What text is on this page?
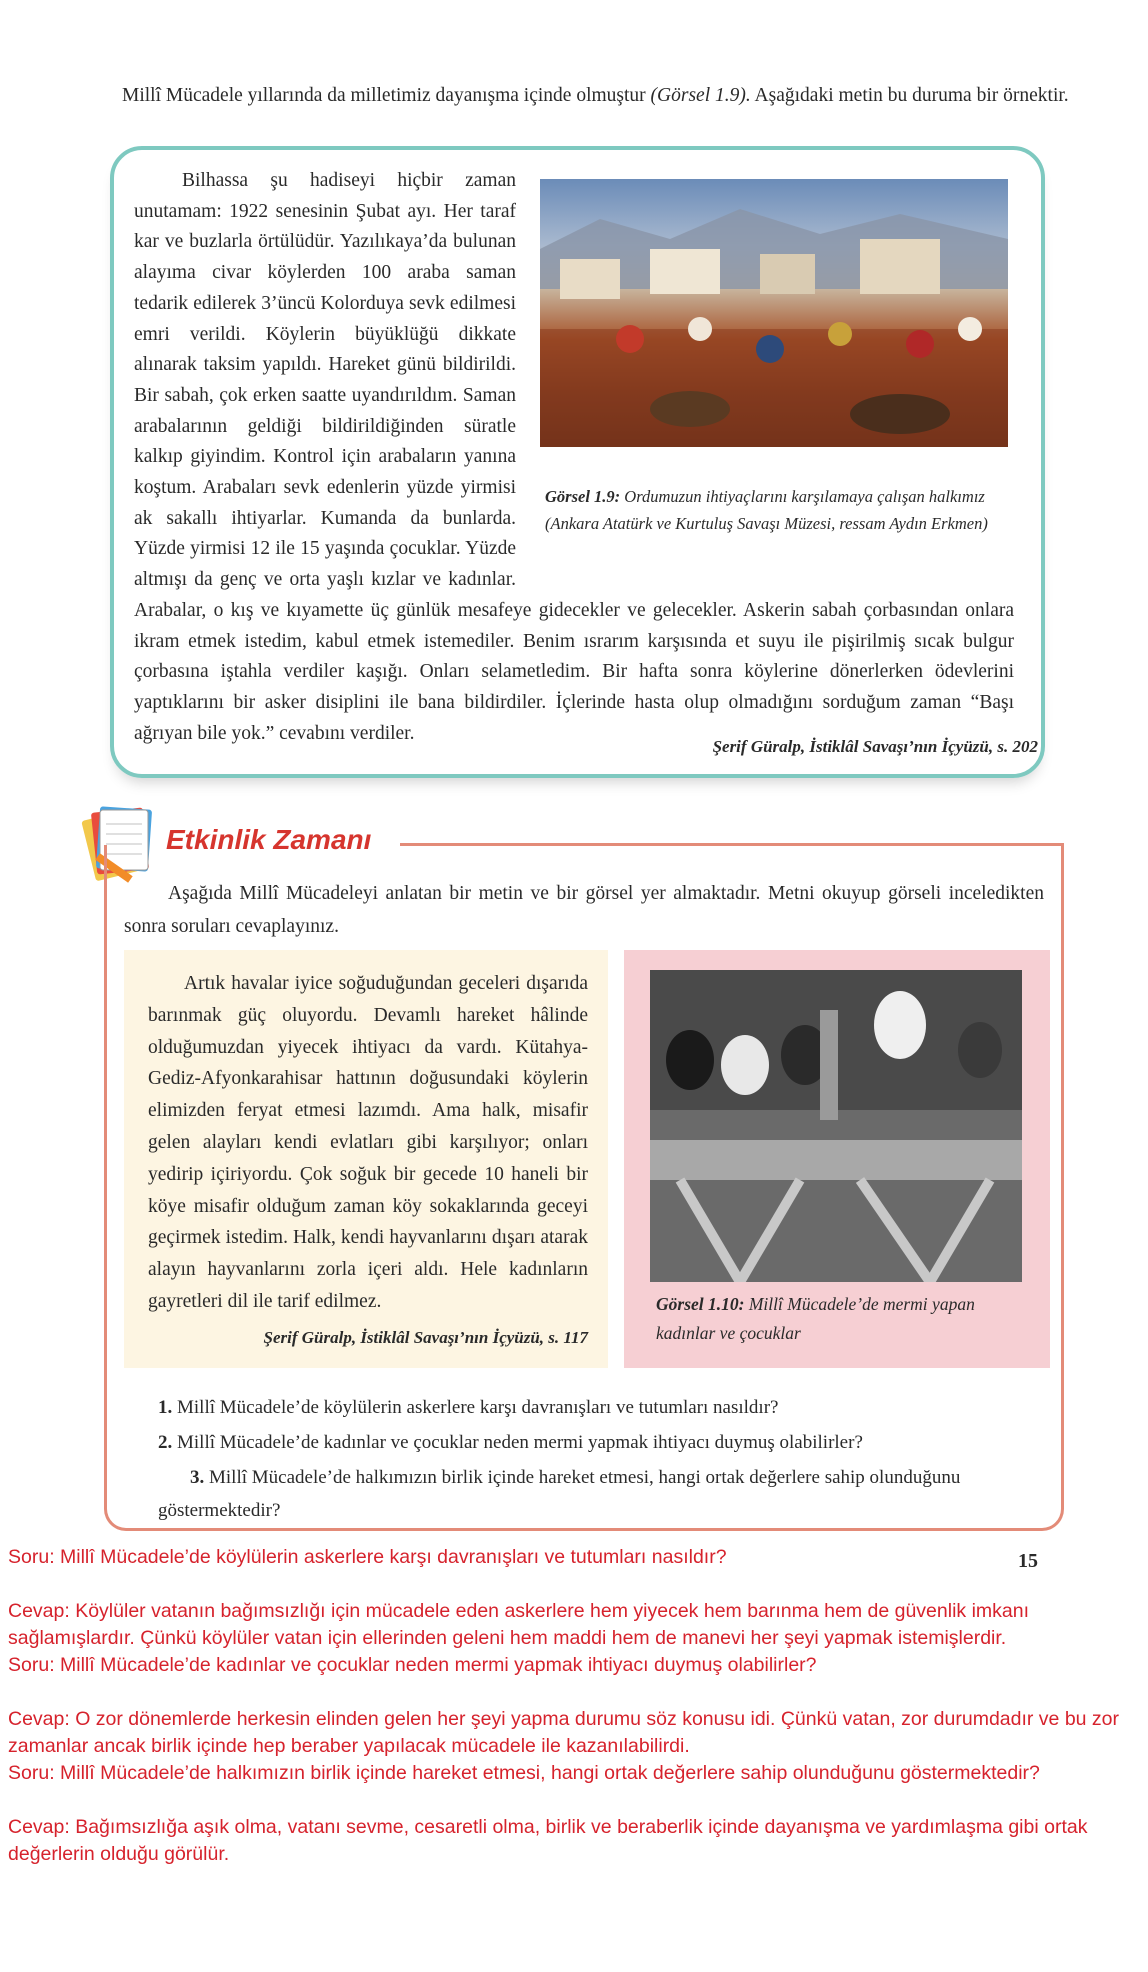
Millî Mücadele yıllarında da milletimiz dayanışma içinde olmuştur (Görsel 1.9). Aşağıdaki metin bu duruma bir örnektir.
Görsel 1.9: Ordumuzun ihtiyaçlarını karşılamaya çalışan halkımız (Ankara Atatürk ve Kurtuluş Savaşı Müzesi, ressam Aydın Erkmen)

Bilhassa şu hadiseyi hiçbir zaman unutamam: 1922 senesinin Şubat ayı. Her taraf kar ve buzlarla örtülüdür. Yazılıkaya’da bulunan alayıma civar köylerden 100 araba saman tedarik edilerek 3’üncü Kolorduya sevk edilmesi emri verildi. Köylerin büyüklüğü dikkate alınarak taksim yapıldı. Hareket günü bildirildi. Bir sabah, çok erken saatte uyandırıldım. Saman arabalarının geldiği bildirildiğinden süratle kalkıp giyindim. Kontrol için arabaların yanına koştum. Arabaları sevk edenlerin yüzde yirmisi ak sakallı ihtiyarlar. Kumanda da bunlarda. Yüzde yirmisi 12 ile 15 yaşında çocuklar. Yüzde altmışı da genç ve orta yaşlı kızlar ve kadınlar. Arabalar, o kış ve kıyamette üç günlük mesafeye gidecekler ve gelecekler. Askerin sabah çorbasından onlara ikram etmek istedim, kabul etmek istemediler. Benim ısrarım karşısında et suyu ile pişirilmiş sıcak bulgur çorbasına iştahla verdiler kaşığı. Onları selametledim. Bir hafta sonra köylerine dönerlerken ödevlerini yaptıklarını bir asker disiplini ile bana bildirdiler. İçlerinde hasta olup olmadığını sorduğum zaman “Başı ağrıyan bile yok.” cevabını verdiler.

Şerif Güralp, İstiklâl Savaşı’nın İçyüzü, s. 202
Etkinlik Zamanı
Aşağıda Millî Mücadeleyi anlatan bir metin ve bir görsel yer almaktadır. Metni okuyup görseli inceledikten sonra soruları cevaplayınız.

Artık havalar iyice soğuduğundan geceleri dışarıda barınmak güç oluyordu. Devamlı hareket hâlinde olduğumuzdan yiyecek ihtiyacı da vardı. Kütahya-Gediz-Afyonkarahisar hattının doğusundaki köylerin elimizden feryat etmesi lazımdı. Ama halk, misafir gelen alayları kendi evlatları gibi karşılıyor; onları yedirip içiriyordu. Çok soğuk bir gecede 10 haneli bir köye misafir olduğum zaman köy sokaklarında geceyi geçirmek istedim. Halk, kendi hayvanlarını dışarı atarak alayın hayvanlarını zorla içeri aldı. Hele kadınların gayretleri dil ile tarif edilmez.

Şerif Güralp, İstiklâl Savaşı’nın İçyüzü, s. 117
Görsel 1.10: Millî Mücadele’de mermi yapan kadınlar ve çocuklar
1. Millî Mücadele’de köylülerin askerlere karşı davranışları ve tutumları nasıldır?
2. Millî Mücadele’de kadınlar ve çocuklar neden mermi yapmak ihtiyacı duymuş olabilirler?
3. Millî Mücadele’de halkımızın birlik içinde hareket etmesi, hangi ortak değerlere sahip olunduğunu göstermektedir?
15

Soru: Millî Mücadele’de köylülerin askerlere karşı davranışları ve tutumları nasıldır?

Cevap: Köylüler vatanın bağımsızlığı için mücadele eden askerlere hem yiyecek hem barınma hem de güvenlik imkanı sağlamışlardır. Çünkü köylüler vatan için ellerinden geleni hem maddi hem de manevi her şeyi yapmak istemişlerdir.

Soru: Millî Mücadele’de kadınlar ve çocuklar neden mermi yapmak ihtiyacı duymuş olabilirler?

Cevap: O zor dönemlerde herkesin elinden gelen her şeyi yapma durumu söz konusu idi. Çünkü vatan, zor durumdadır ve bu zor zamanlar ancak birlik içinde hep beraber yapılacak mücadele ile kazanılabilirdi.

Soru: Millî Mücadele’de halkımızın birlik içinde hareket etmesi, hangi ortak değerlere sahip olunduğunu göstermektedir?

Cevap: Bağımsızlığa aşık olma, vatanı sevme, cesaretli olma, birlik ve beraberlik içinde dayanışma ve yardımlaşma gibi ortak değerlerin olduğu görülür.
